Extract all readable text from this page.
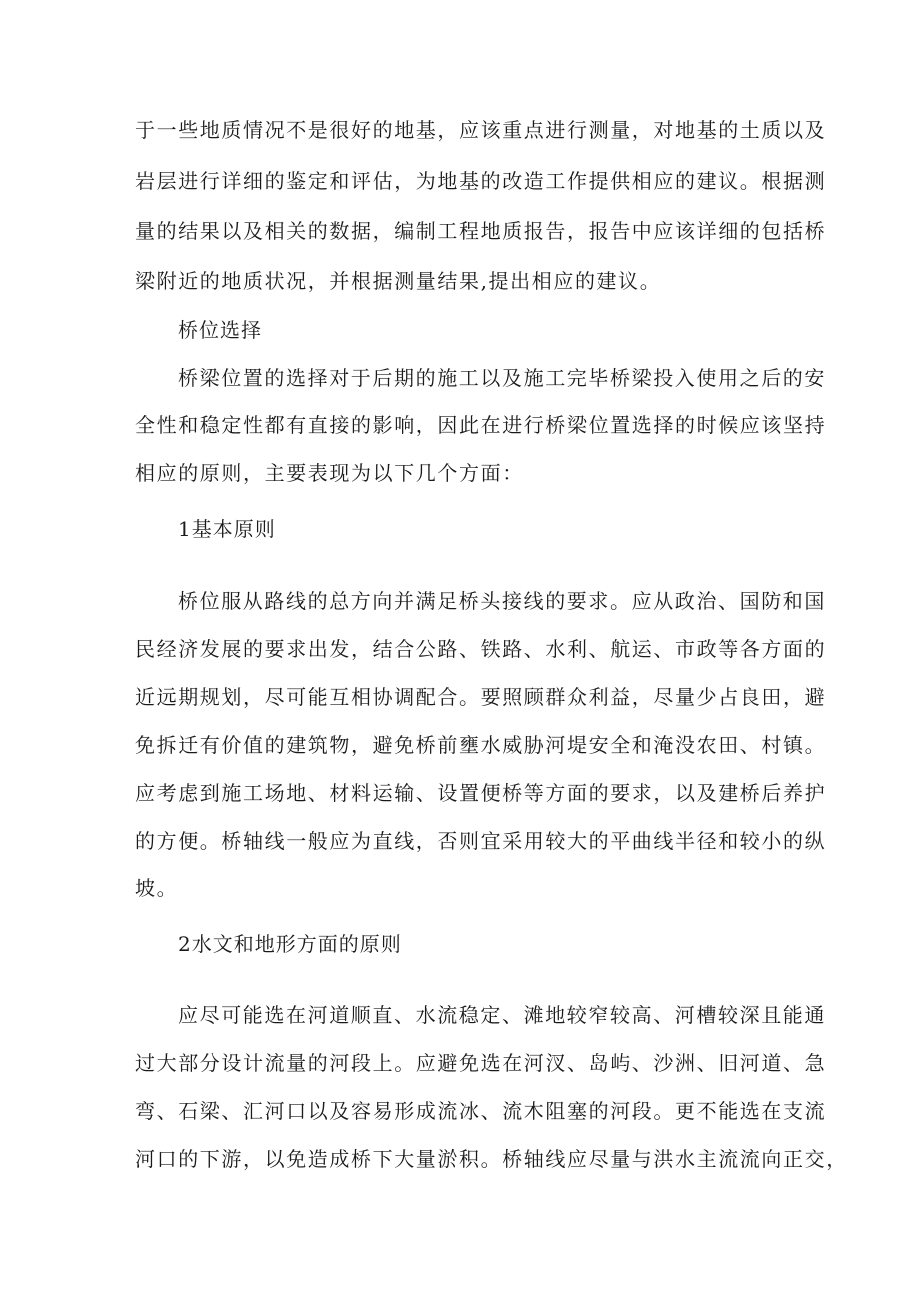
于一些地质情况不是很好的地基，应该重点进行测量，对地基的土质以及
岩层进行详细的鉴定和评估，为地基的改造工作提供相应的建议。根据测
量的结果以及相关的数据，编制工程地质报告，报告中应该详细的包括桥
梁附近的地质状况，并根据测量结果,提出相应的建议。
桥位选择
桥梁位置的选择对于后期的施工以及施工完毕桥梁投入使用之后的安
全性和稳定性都有直接的影响，因此在进行桥梁位置选择的时候应该坚持
相应的原则，主要表现为以下几个方面：
1基本原则
桥位服从路线的总方向并满足桥头接线的要求。应从政治、国防和国
民经济发展的要求出发，结合公路、铁路、水利、航运、市政等各方面的
近远期规划，尽可能互相协调配合。要照顾群众利益，尽量少占良田，避
免拆迁有价值的建筑物，避免桥前壅水威胁河堤安全和淹没农田、村镇。
应考虑到施工场地、材料运输、设置便桥等方面的要求，以及建桥后养护
的方便。桥轴线一般应为直线，否则宜采用较大的平曲线半径和较小的纵
坡。
2水文和地形方面的原则
应尽可能选在河道顺直、水流稳定、滩地较窄较高、河槽较深且能通
过大部分设计流量的河段上。应避免选在河汊、岛屿、沙洲、旧河道、急
弯、石梁、汇河口以及容易形成流冰、流木阻塞的河段。更不能选在支流
河口的下游，以免造成桥下大量淤积。桥轴线应尽量与洪水主流流向正交，
